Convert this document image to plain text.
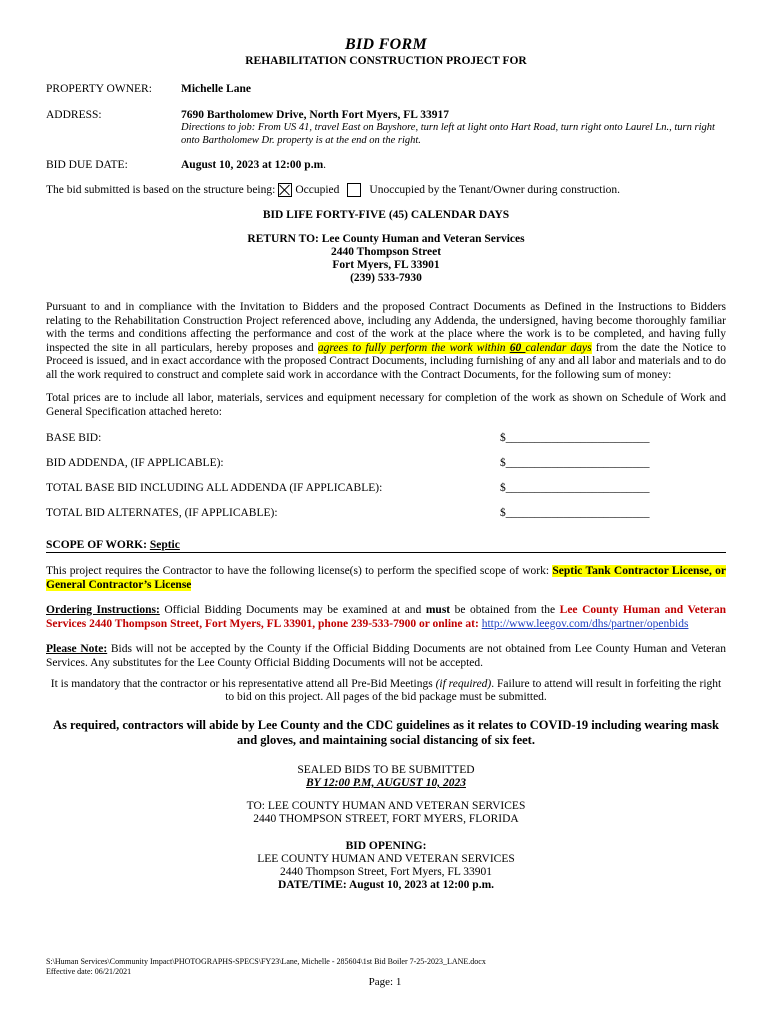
BID FORM
REHABILITATION CONSTRUCTION PROJECT FOR
PROPERTY OWNER:	Michelle Lane
ADDRESS:	7690 Bartholomew Drive, North Fort Myers, FL 33917
Directions to job: From US 41, travel East on Bayshore, turn left at light onto Hart Road, turn right onto Laurel Ln., turn right onto Bartholomew Dr. property is at the end on the right.
BID DUE DATE:	August 10, 2023 at 12:00 p.m .
The bid submitted is based on the structure being: Occupied	Unoccupied by the Tenant/Owner during construction.
BID LIFE FORTY-FIVE (45) CALENDAR DAYS
RETURN TO: Lee County Human and Veteran Services
2440 Thompson Street
Fort Myers, FL 33901
(239) 533-7930

Pursuant to and in compliance with the Invitation to Bidders and the proposed Contract Documents as Defined in the Instructions to Bidders relating to the Rehabilitation Construction Project referenced above, including any Addenda, the undersigned, having become thoroughly familiar with the terms and conditions affecting the performance and cost of the work at the place where the work is to be completed, and having fully inspected the site in all particulars, hereby proposes and agrees to fully perform the work within 60 calendar days from the date the Notice to Proceed is issued, and in exact accordance with the proposed Contract Documents, including furnishing of any and all labor and materials and to do all the work required to construct and complete said work in accordance with the Contract Documents, for the following sum of money:

Total prices are to include all labor, materials, services and equipment necessary for completion of the work as shown on Schedule of Work and General Specification attached hereto:

BASE BID:	$_________________________
BID ADDENDA, (IF APPLICABLE):	$_________________________
TOTAL BASE BID INCLUDING ALL ADDENDA (IF APPLICABLE):	$_________________________
TOTAL BID ALTERNATES, (IF APPLICABLE):	$_________________________
SCOPE OF WORK: Septic

This project requires the Contractor to have the following license(s) to perform the specified scope of work: Septic Tank Contractor License, or General Contractor’s License

Ordering Instructions: Official Bidding Documents may be examined at and must be obtained from the Lee County Human and Veteran Services 2440 Thompson Street, Fort Myers, FL 33901, phone 239-533-7900 or online at: http://www.leegov.com/dhs/partner/openbids

Please Note: Bids will not be accepted by the County if the Official Bidding Documents are not obtained from Lee County Human and Veteran Services. Any substitutes for the Lee County Official Bidding Documents will not be accepted.

It is mandatory that the contractor or his representative attend all Pre-Bid Meetings (if required). Failure to attend will result in forfeiting the right to bid on this project. All pages of the bid package must be submitted.

As required, contractors will abide by Lee County and the CDC guidelines as it relates to COVID-19 including wearing mask and gloves, and maintaining social distancing of six feet.
SEALED BIDS TO BE SUBMITTED
BY 12:00 P.M, AUGUST 10, 2023
TO: LEE COUNTY HUMAN AND VETERAN SERVICES
2440 THOMPSON STREET, FORT MYERS, FLORIDA
BID OPENING:
LEE COUNTY HUMAN AND VETERAN SERVICES
2440 Thompson Street, Fort Myers, FL 33901
DATE/TIME: August 10, 2023 at 12:00 p.m.
S:\Human Services\Community Impact\PHOTOGRAPHS-SPECS\FY23\Lane, Michelle - 285604\1st Bid Boiler 7-25-2023_LANE.docx
Effective date: 06/21/2021
Page: 1
